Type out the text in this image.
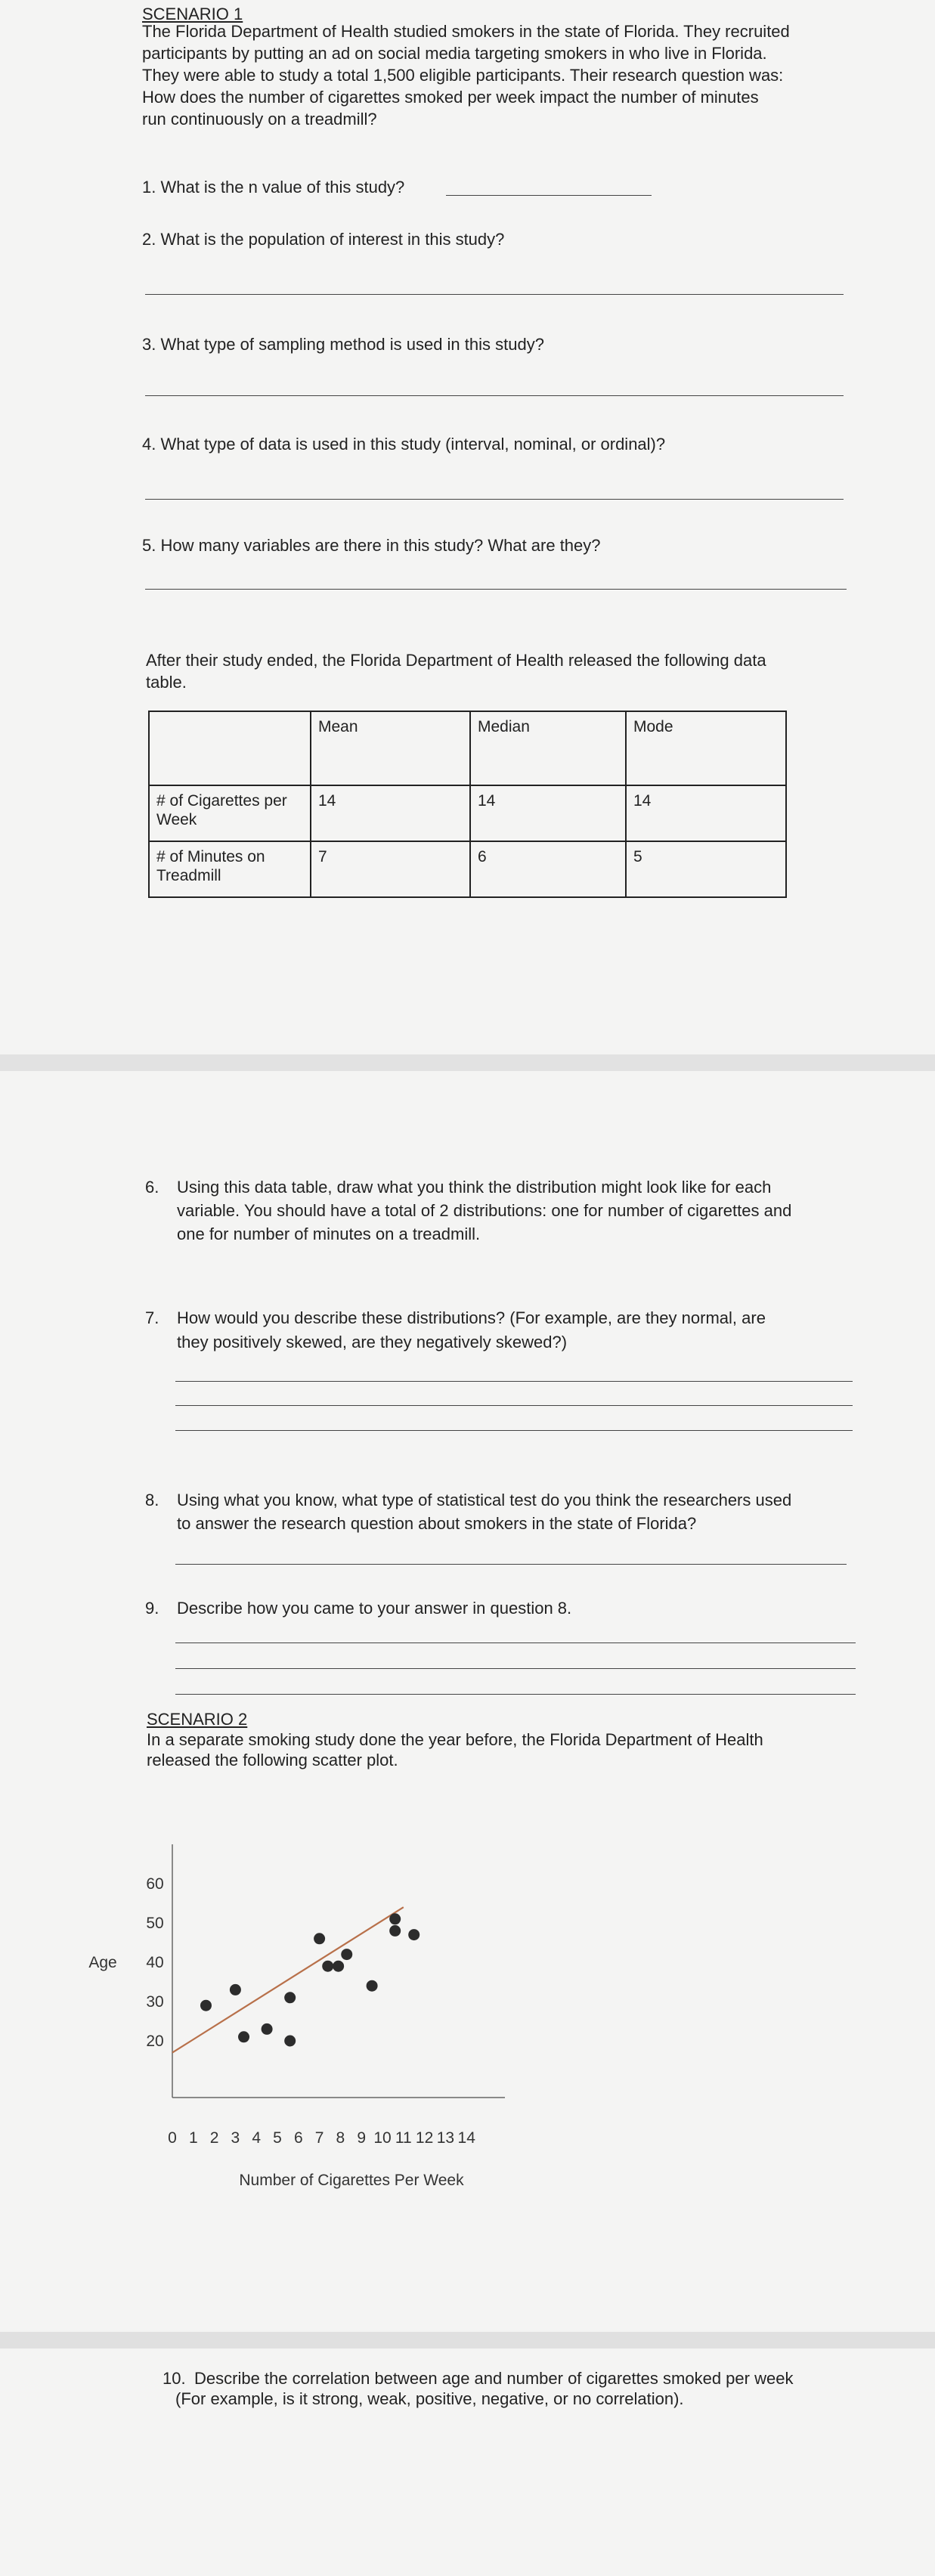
SCENARIO 1

The Florida Department of Health studied smokers in the state of Florida. They recruited

participants by putting an ad on social media targeting smokers in who live in Florida.

They were able to study a total 1,500 eligible participants. Their research question was:

How does the number of cigarettes smoked per week impact the number of minutes

run continuously on a treadmill?

1. What is the n value of this study?

2. What is the population of interest in this study?

3. What type of sampling method is used in this study?

4. What type of data is used in this study (interval, nominal, or ordinal)?

5. How many variables are there in this study? What are they?

After their study ended, the Florida Department of Health released the following data

table.

	Mean	Median	Mode
# of Cigarettes per Week	14	14	14
# of Minutes on Treadmill	7	6	5

6. Using this data table, draw what you think the distribution might look like for each

variable. You should have a total of 2 distributions: one for number of cigarettes and

one for number of minutes on a treadmill.

7. How would you describe these distributions? (For example, are they normal, are

they positively skewed, are they negatively skewed?)

8. Using what you know, what type of statistical test do you think the researchers used

to answer the research question about smokers in the state of Florida?

9. Describe how you came to your answer in question 8.

SCENARIO 2

In a separate smoking study done the year before, the Florida Department of Health

released the following scatter plot.

60
50
40
30
20
0 1 2 3 4 5 6 7 8 9 10 11 12 13 14
Age
Number of Cigarettes Per Week

10. Describe the correlation between age and number of cigarettes smoked per week

(For example, is it strong, weak, positive, negative, or no correlation).
